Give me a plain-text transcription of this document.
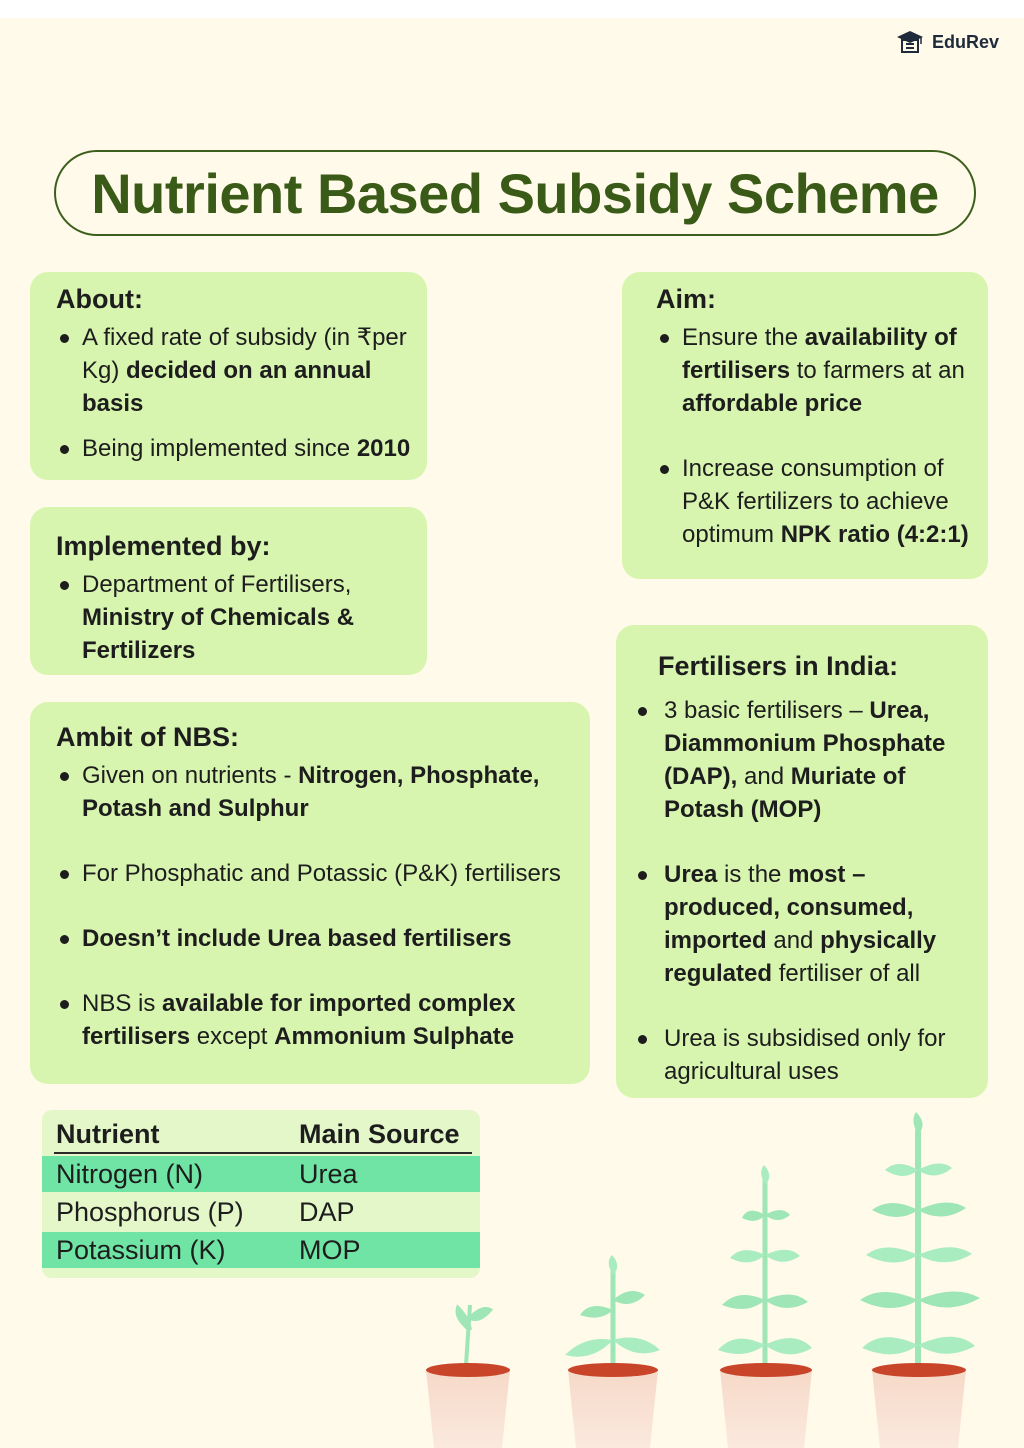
EduRev
Nutrient Based Subsidy Scheme
About:
A fixed rate of subsidy (in ₹per Kg) decided on an annual basis
Being implemented since 2010
Implemented by:
Department of Fertilisers, Ministry of Chemicals & Fertilizers
Ambit of NBS:
Given on nutrients - Nitrogen, Phosphate, Potash and Sulphur
For Phosphatic and Potassic (P&K) fertilisers
Doesn’t include Urea based fertilisers
NBS is available for imported complex fertilisers except Ammonium Sulphate
Aim:
Ensure the availability of fertilisers to farmers at an affordable price
Increase consumption of P&K fertilizers to achieve optimum NPK ratio (4:2:1)
Fertilisers in India:
3 basic fertilisers – Urea, Diammonium Phosphate (DAP), and Muriate of Potash (MOP)
Urea is the most – produced, consumed, imported and physically regulated fertiliser of all
Urea is subsidised only for agricultural uses
Nutrient	Main Source
Nitrogen (N)	Urea
Phosphorus (P)	DAP
Potassium (K)	MOP
